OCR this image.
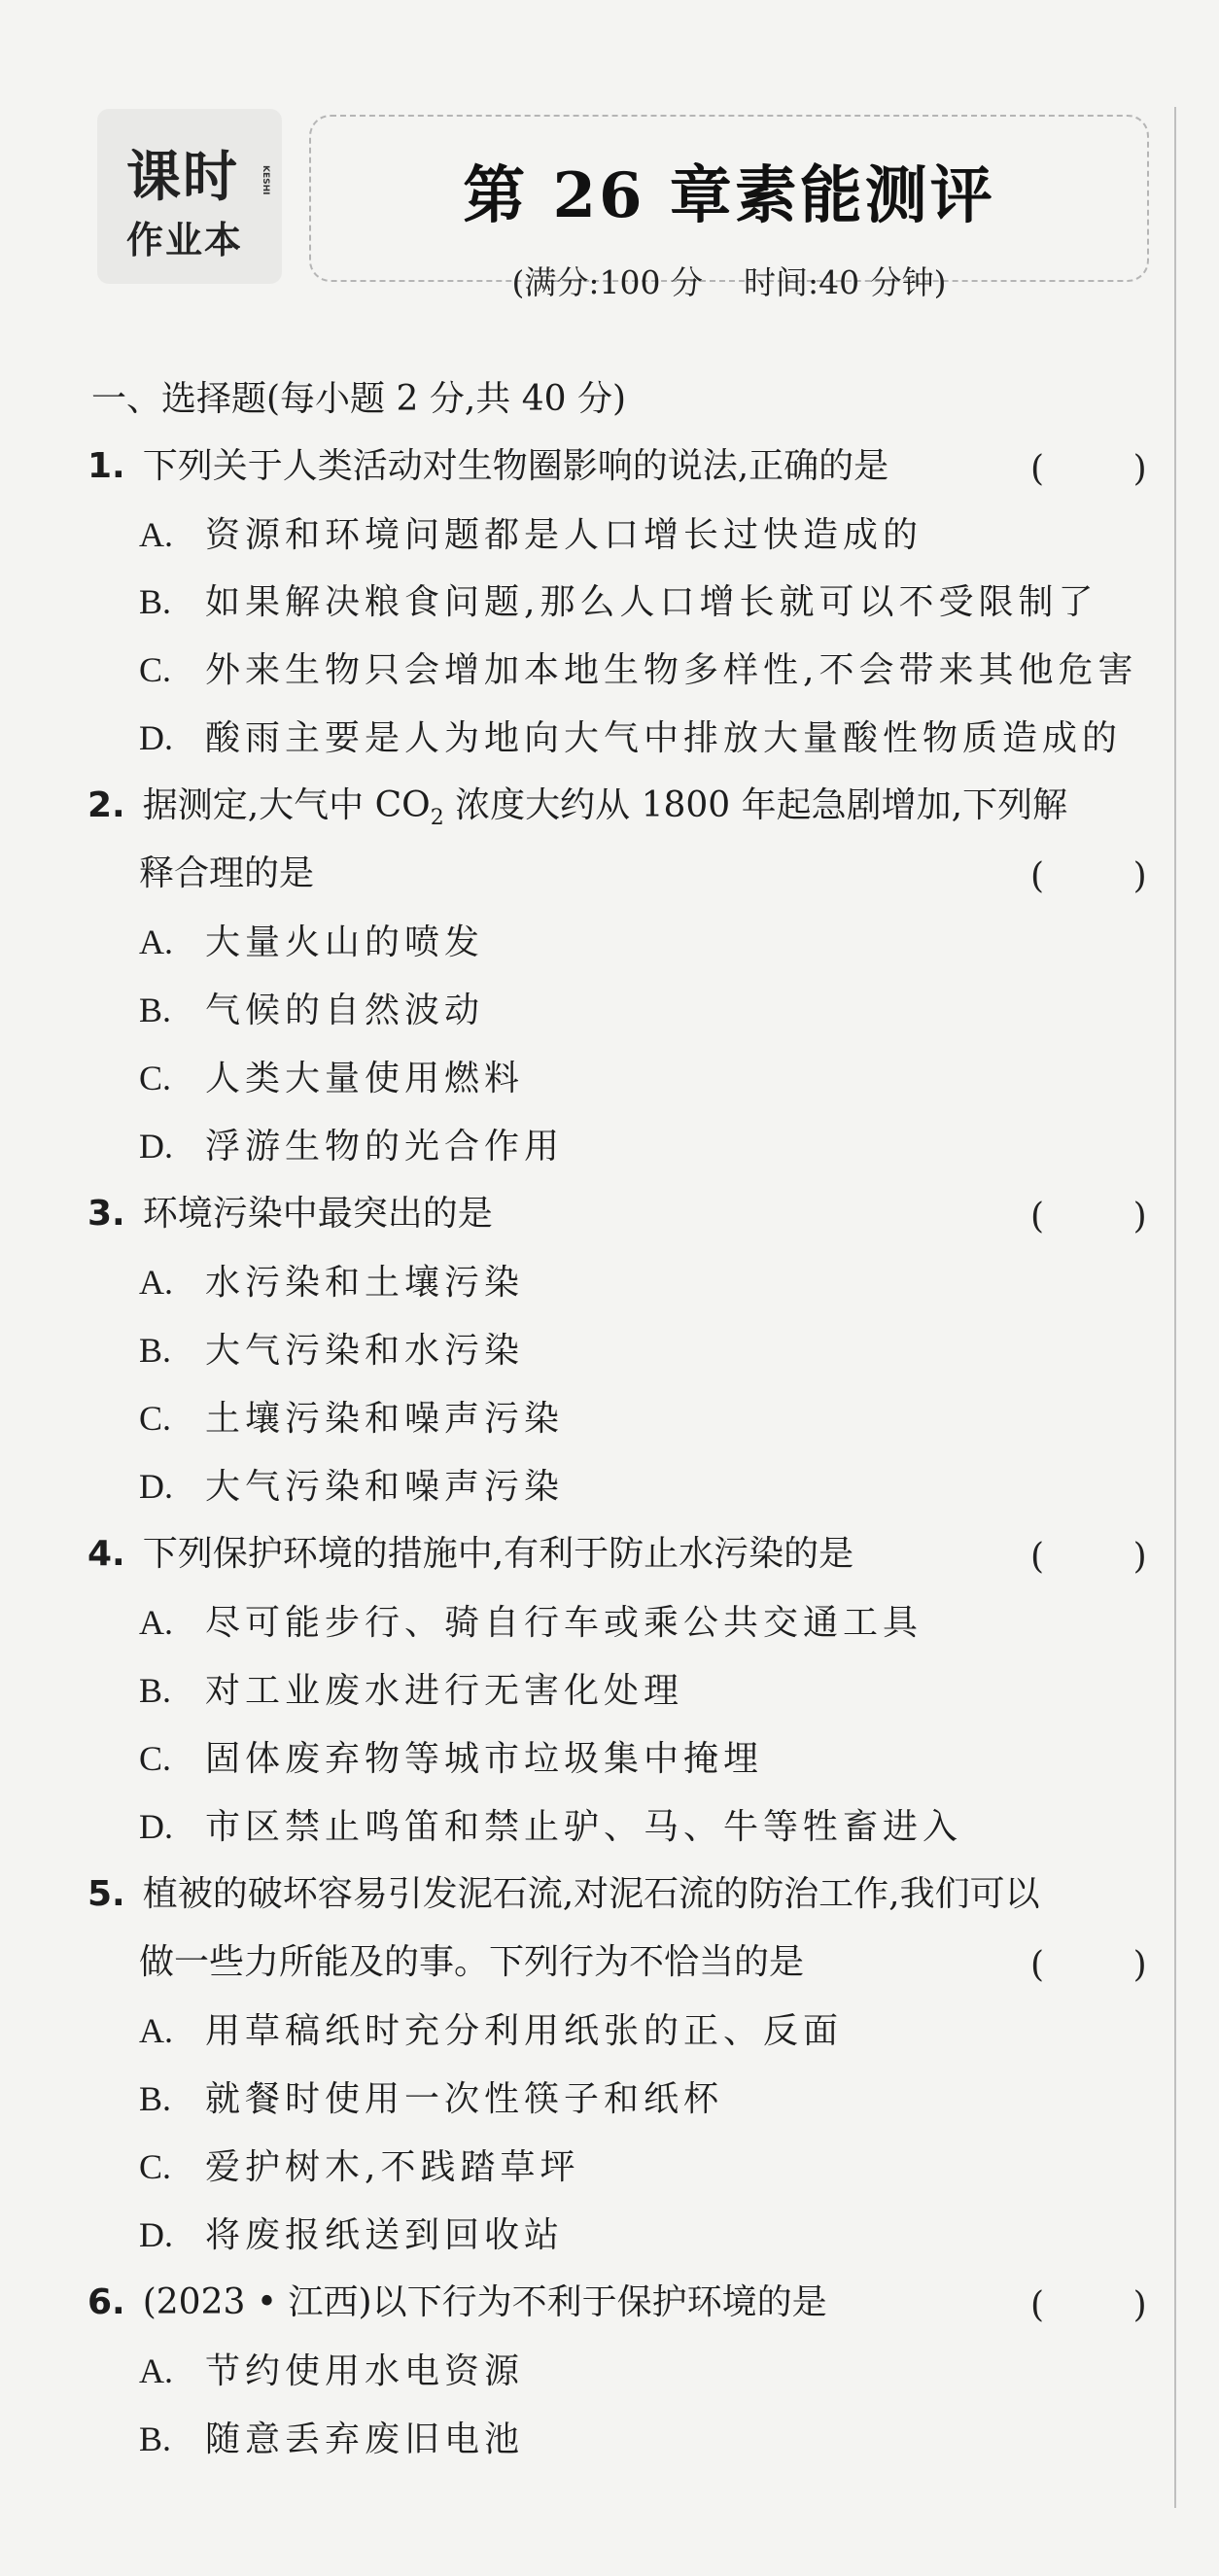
课时 KESHI
作业本
第 26 章素能测评
(满分:100 分    时间:40 分钟)
一、选择题(每小题 2 分,共 40 分)
1. 下列关于人类活动对生物圈影响的说法,正确的是	(        )
A. 资源和环境问题都是人口增长过快造成的
B. 如果解决粮食问题,那么人口增长就可以不受限制了
C. 外来生物只会增加本地生物多样性,不会带来其他危害
D. 酸雨主要是人为地向大气中排放大量酸性物质造成的
2. 据测定,大气中 $CO_2$ 浓度大约从 1800 年起急剧增加,下列解
释合理的是	(        )
A. 大量火山的喷发
B. 气候的自然波动
C. 人类大量使用燃料
D. 浮游生物的光合作用
3. 环境污染中最突出的是	(        )
A. 水污染和土壤污染
B. 大气污染和水污染
C. 土壤污染和噪声污染
D. 大气污染和噪声污染
4. 下列保护环境的措施中,有利于防止水污染的是	(        )
A. 尽可能步行、骑自行车或乘公共交通工具
B. 对工业废水进行无害化处理
C. 固体废弃物等城市垃圾集中掩埋
D. 市区禁止鸣笛和禁止驴、马、牛等牲畜进入
5. 植被的破坏容易引发泥石流,对泥石流的防治工作,我们可以
做一些力所能及的事。下列行为不恰当的是	(        )
A. 用草稿纸时充分利用纸张的正、反面
B. 就餐时使用一次性筷子和纸杯
C. 爱护树木,不践踏草坪
D. 将废报纸送到回收站
6. (2023 • 江西)以下行为不利于保护环境的是	(        )
A. 节约使用水电资源
B. 随意丢弃废旧电池
